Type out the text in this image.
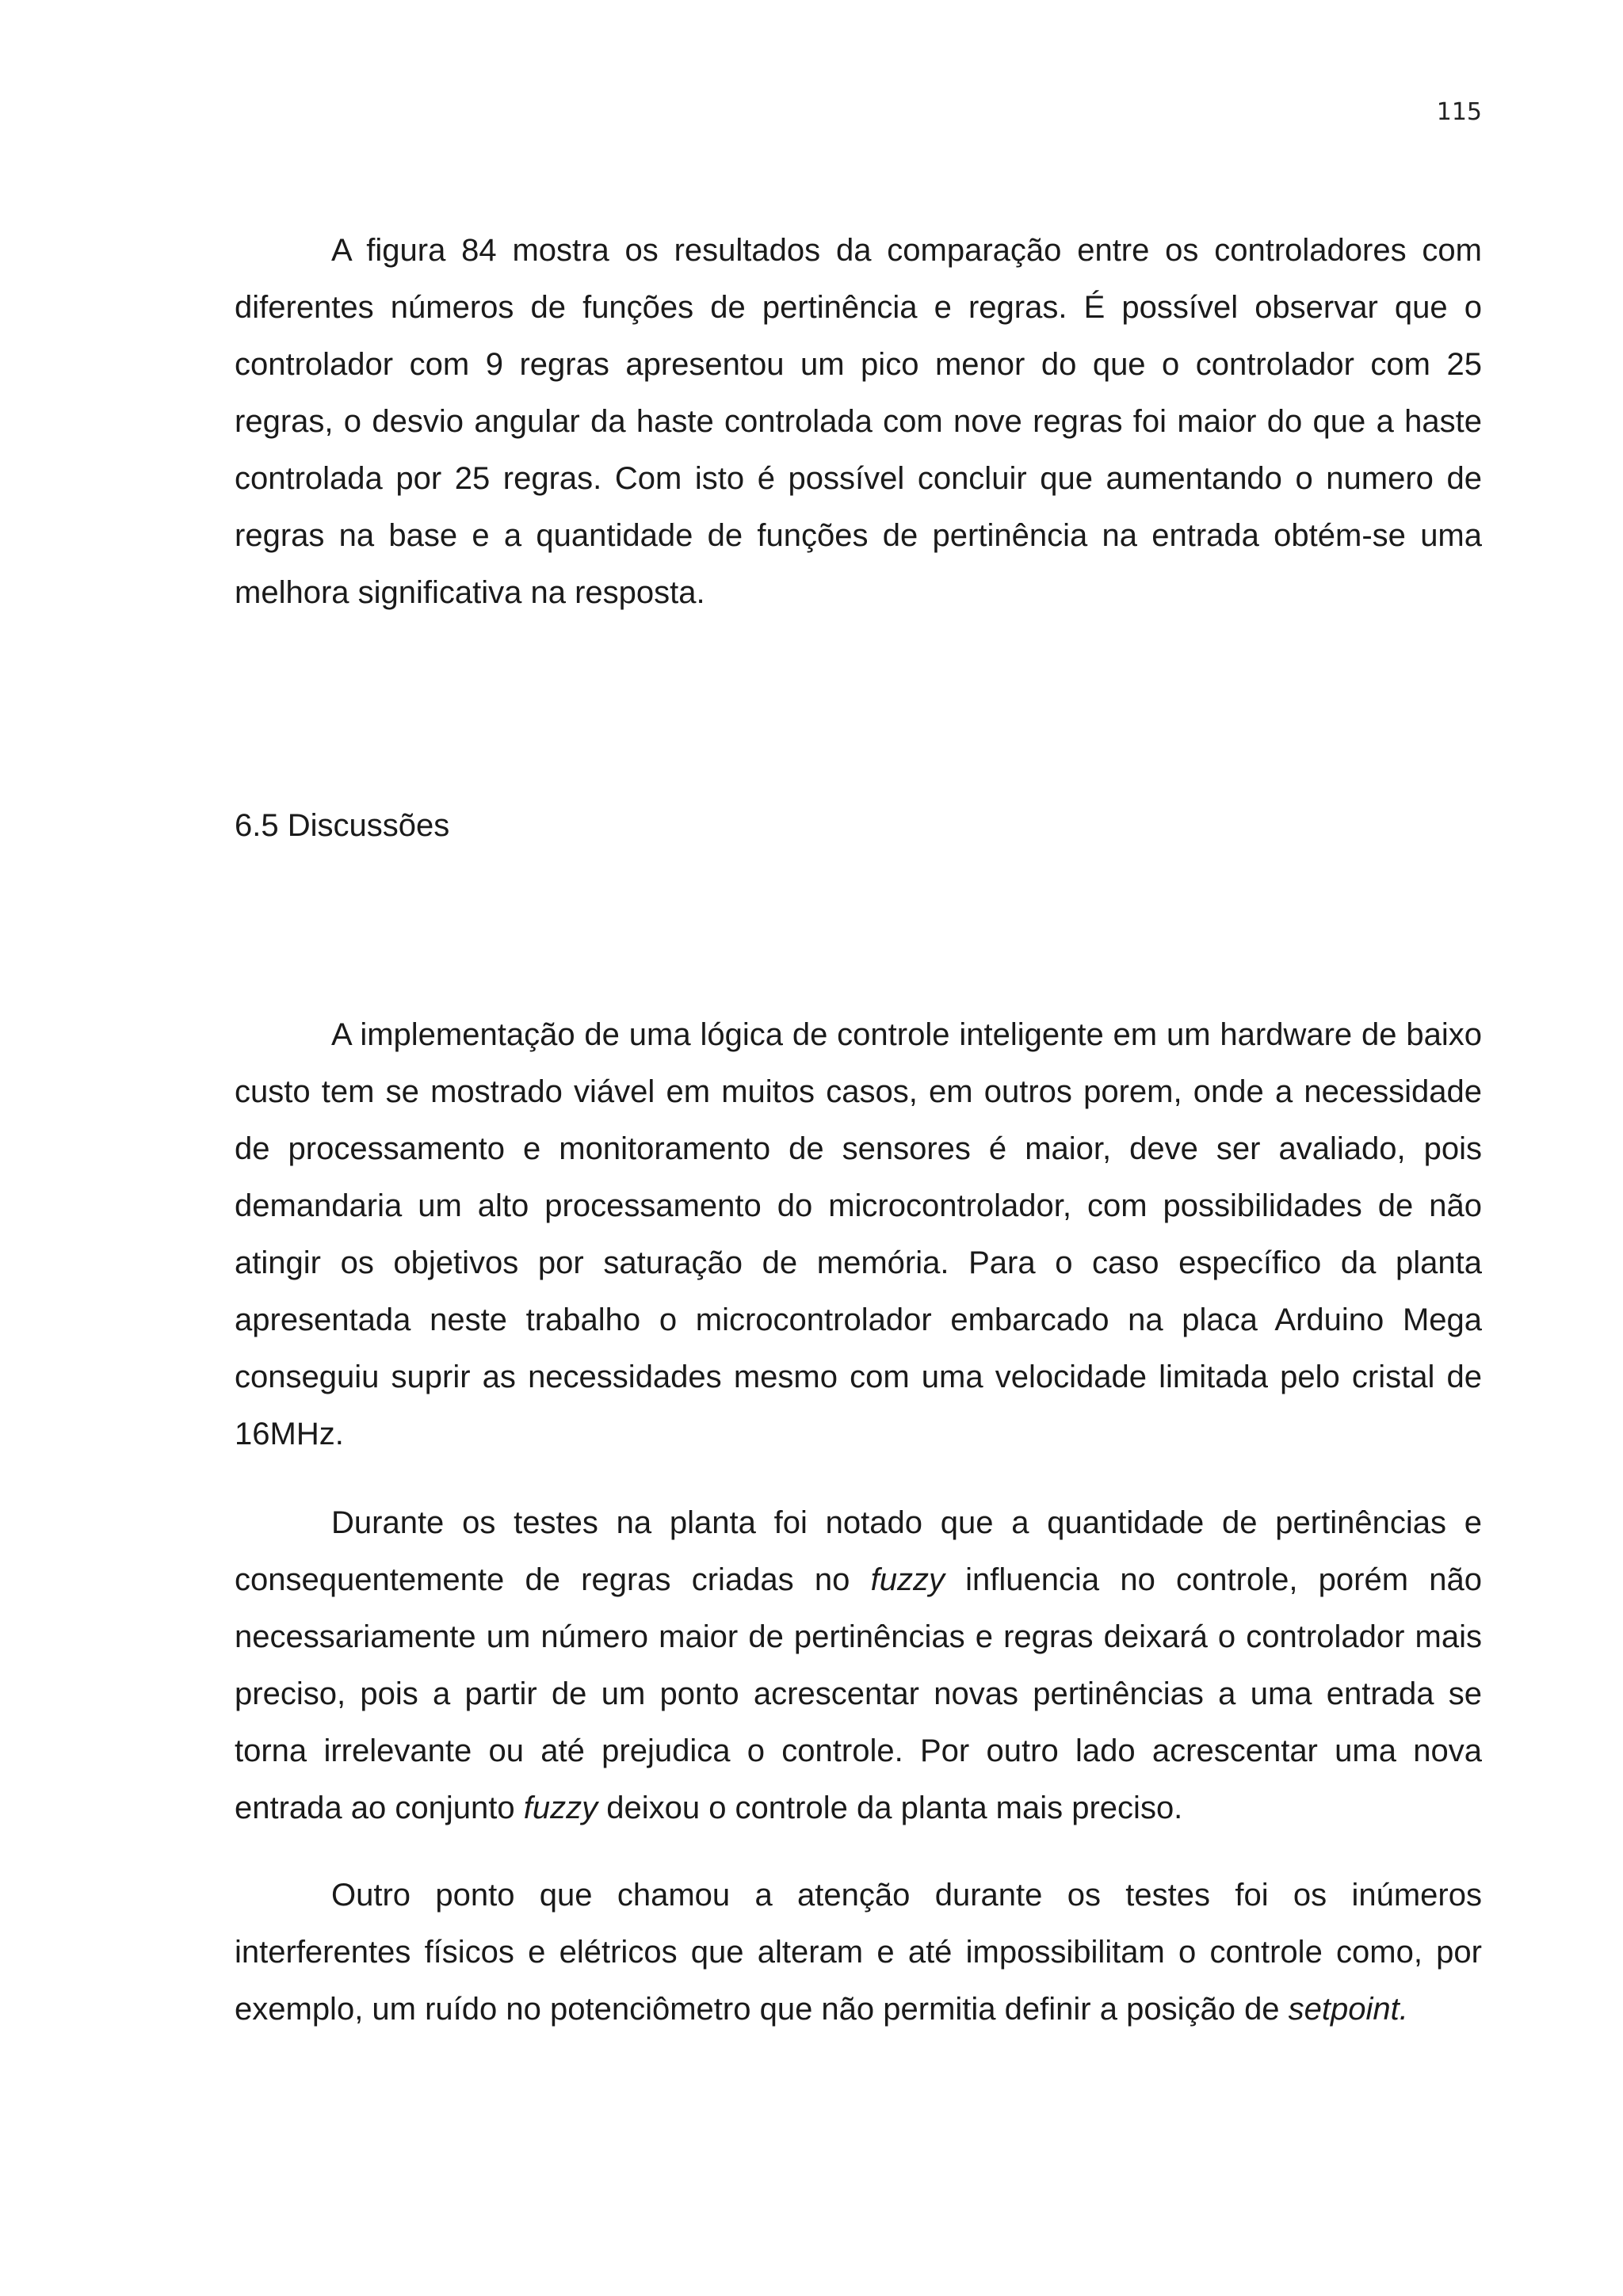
115

A figura 84 mostra os resultados da comparação entre os controladores com diferentes números de funções de pertinência e regras. É possível observar que o controlador com 9 regras apresentou um pico menor do que o controlador com 25 regras, o desvio angular da haste controlada com nove regras foi maior do que a haste controlada por 25 regras. Com isto é possível concluir que aumentando o numero de regras na base e a quantidade de funções de pertinência na entrada obtém-se uma melhora significativa na resposta.

6.5 Discussões

A implementação de uma lógica de controle inteligente em um hardware de baixo custo tem se mostrado viável em muitos casos, em outros porem, onde a necessidade de processamento e monitoramento de sensores é maior, deve ser avaliado, pois demandaria um alto processamento do microcontrolador, com possibilidades de não atingir os objetivos por saturação de memória. Para o caso específico da planta apresentada neste trabalho o microcontrolador embarcado na placa Arduino Mega conseguiu suprir as necessidades mesmo com uma velocidade limitada pelo cristal de 16MHz.

Durante os testes na planta foi notado que a quantidade de pertinências e consequentemente de regras criadas no fuzzy influencia no controle, porém não necessariamente um número maior de pertinências e regras deixará o controlador mais preciso, pois a partir de um ponto acrescentar novas pertinências a uma entrada se torna irrelevante ou até prejudica o controle. Por outro lado acrescentar uma nova entrada ao conjunto fuzzy deixou o controle da planta mais preciso.

Outro ponto que chamou a atenção durante os testes foi os inúmeros interferentes físicos e elétricos que alteram e até impossibilitam o controle como, por exemplo, um ruído no potenciômetro que não permitia definir a posição de setpoint.
